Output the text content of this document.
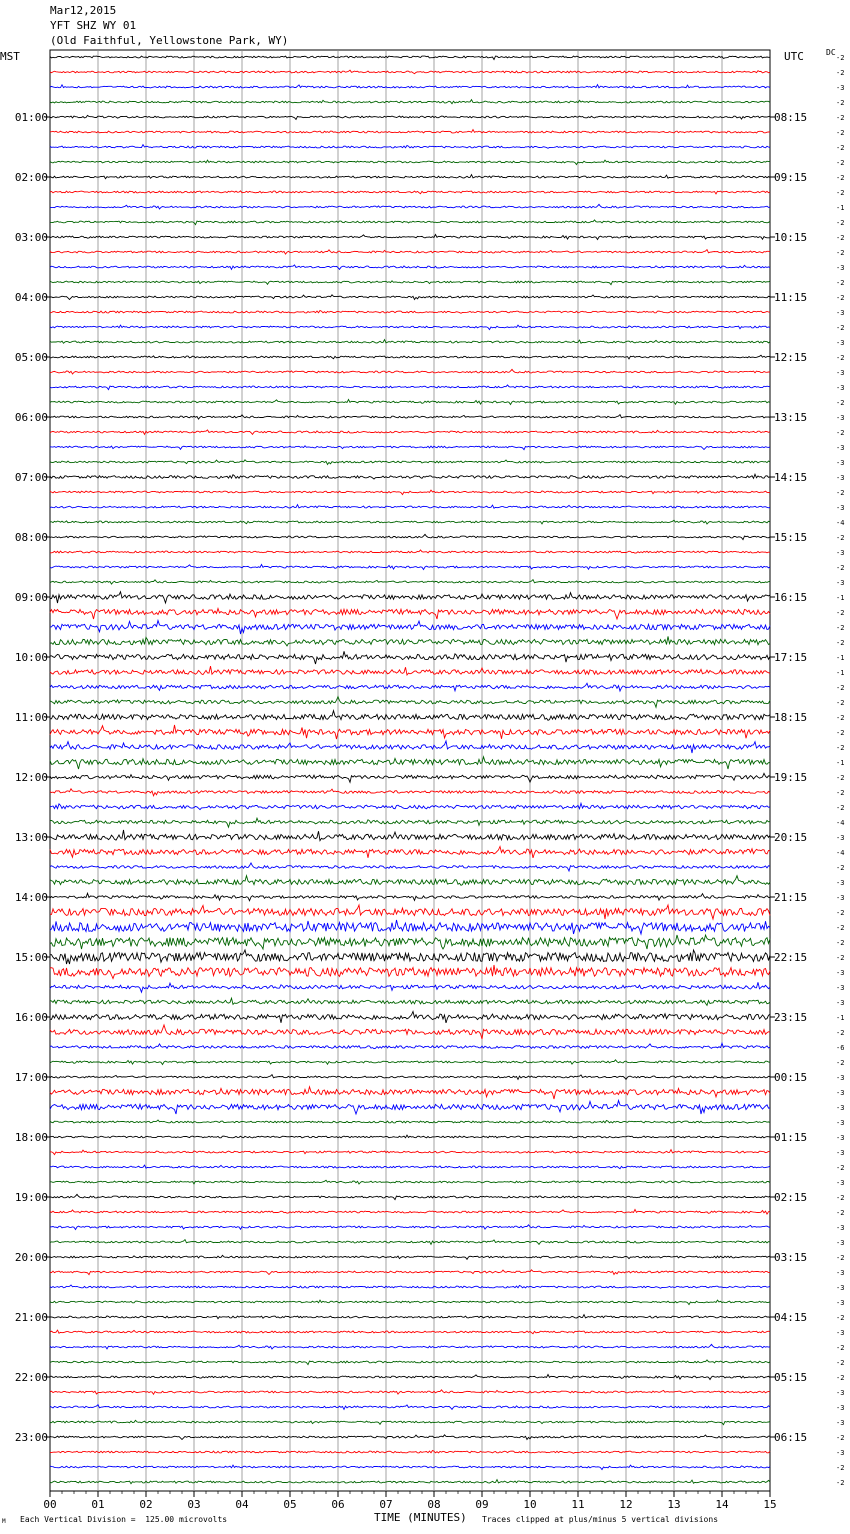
Mar12,2015
YFT SHZ WY 01
(Old Faithful, Yellowstone Park, WY)
MST	UTC	DC
01:00
02:00
03:00
04:00
05:00
06:00
07:00
08:00
09:00
10:00
11:00
12:00
13:00
14:00
15:00
16:00
17:00
18:00
19:00
20:00
21:00
22:00
23:00
08:15
09:15
10:15
11:15
12:15
13:15
14:15
15:15
16:15
17:15
18:15
19:15
20:15
21:15
22:15
23:15
00:15
01:15
02:15
03:15
04:15
05:15
06:15
-2
-2
-3
-2
-2
-2
-2
-2
-2
-2
-1
-2
-2
-2
-3
-2
-2
-3
-2
-3
-2
-3
-3
-2
-3
-2
-3
-3
-3
-2
-3
-4
-2
-3
-2
-3
-1
-2
-2
-2
-1
-1
-2
-2
-2
-2
-2
-1
-2
-2
-2
-4
-3
-4
-2
-3
-3
-2
-2
-2
-2
-3
-3
-3
-1
-2
-6
-2
-3
-3
-3
-3
-3
-3
-2
-3
-2
-2
-3
-3
-2
-3
-3
-3
-2
-3
-2
-2
-2
-3
-3
-3
-2
-3
-2
-2
00	01	02	03	04	05	06	07	08	09	10	11	12	13	14	15
TIME (MINUTES)
Each Vertical Division =  125.00 microvolts	Traces clipped at plus/minus 5 vertical divisions
M
